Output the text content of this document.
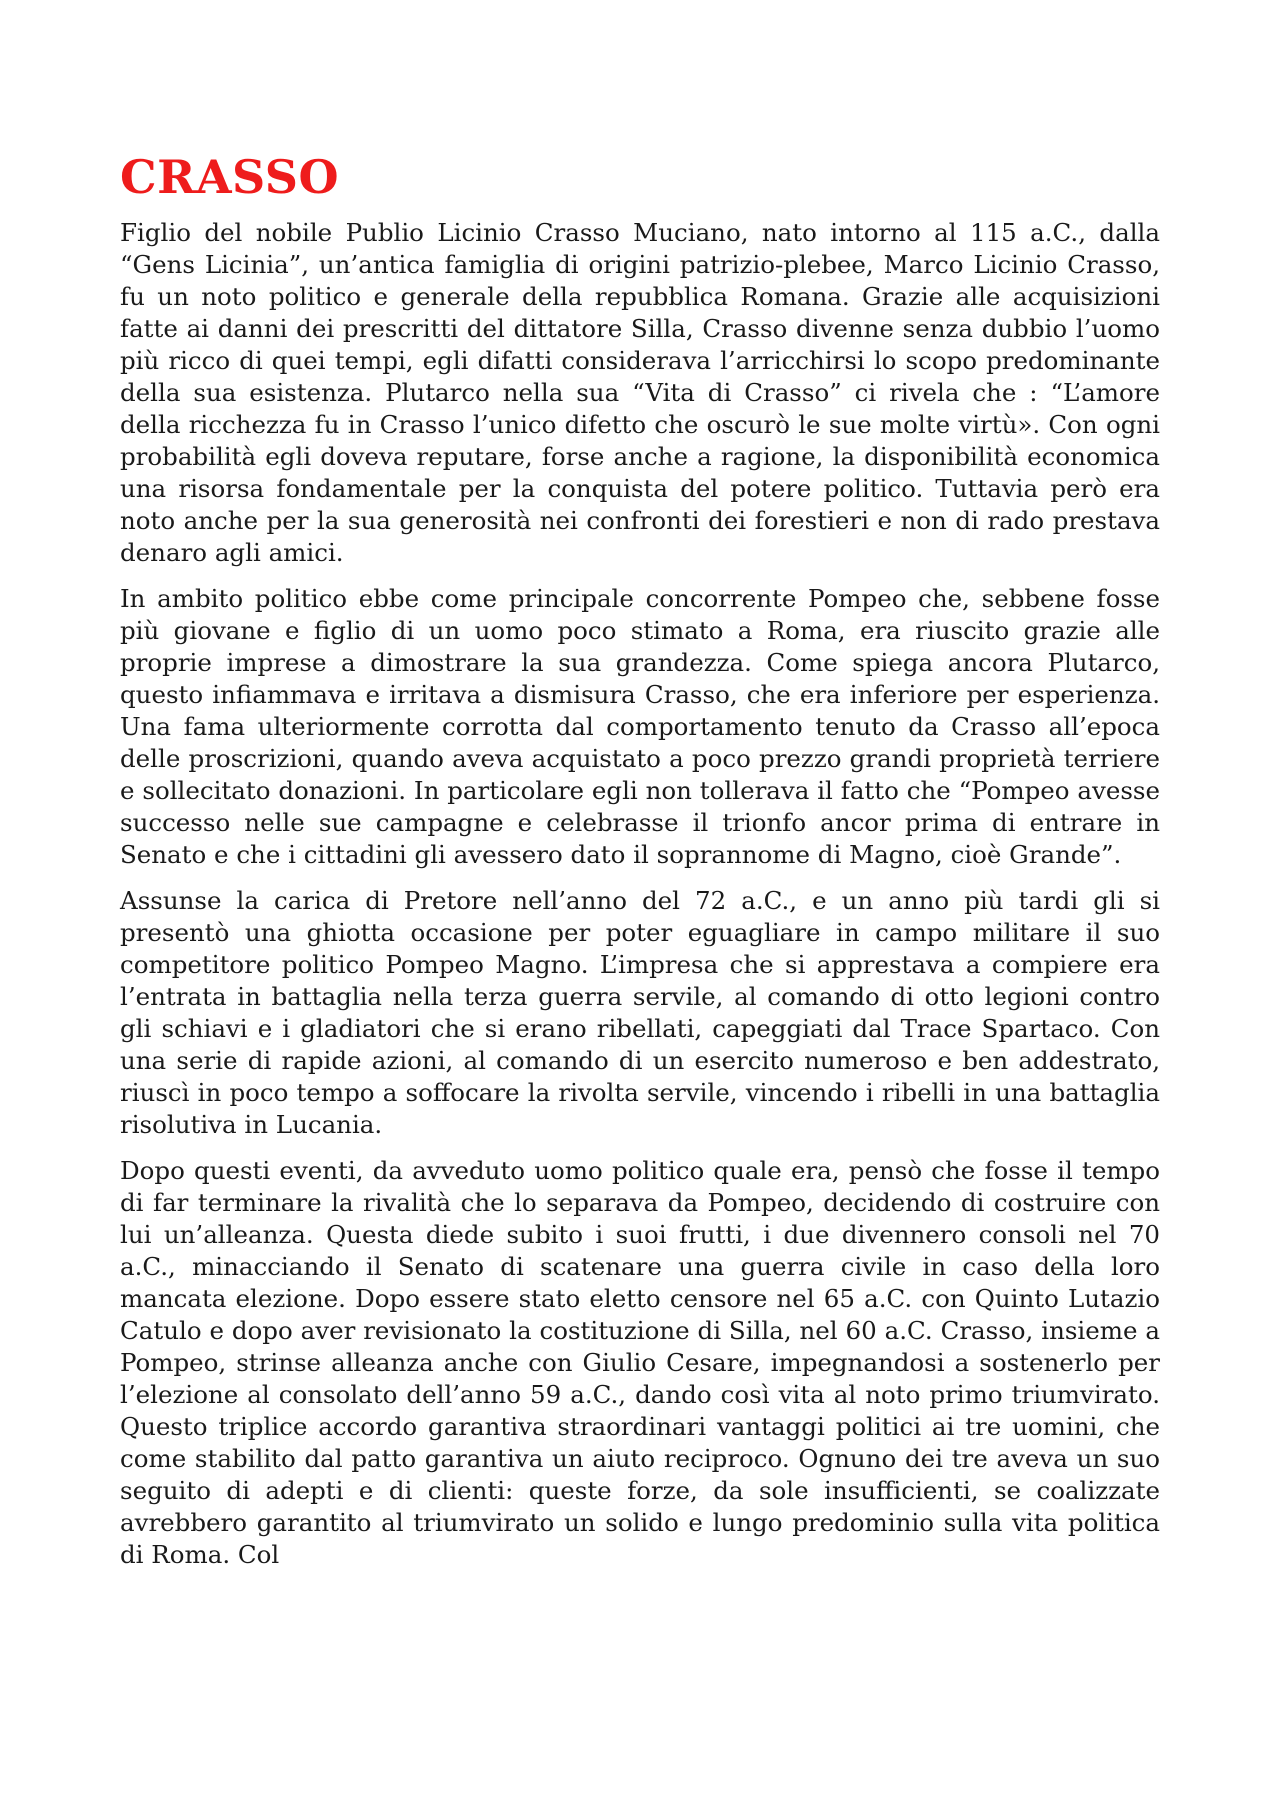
CRASSO

Figlio del nobile Publio Licinio Crasso Muciano, nato intorno al 115 a.C., dalla “Gens Licinia”, un’antica famiglia di origini patrizio-plebee, Marco Licinio Crasso, fu un noto politico e generale della repubblica Romana. Grazie alle acquisizioni fatte ai danni dei prescritti del dittatore Silla, Crasso divenne senza dubbio l’uomo più ricco di quei tempi, egli difatti considerava l’arricchirsi lo scopo predominante della sua esistenza. Plutarco nella sua “Vita di Crasso” ci rivela che : “L’amore della ricchezza fu in Crasso l’unico difetto che oscurò le sue molte virtù». Con ogni probabilità egli doveva reputare, forse anche a ragione, la disponibilità economica una risorsa fondamentale per la conquista del potere politico. Tuttavia però era noto anche per la sua generosità nei confronti dei forestieri e non di rado prestava denaro agli amici.

In ambito politico ebbe come principale concorrente Pompeo che, sebbene fosse più giovane e figlio di un uomo poco stimato a Roma, era riuscito grazie alle proprie imprese a dimostrare la sua grandezza. Come spiega ancora Plutarco, questo infiammava e irritava a dismisura Crasso, che era inferiore per esperienza. Una fama ulteriormente corrotta dal comportamento tenuto da Crasso all’epoca delle proscrizioni, quando aveva acquistato a poco prezzo grandi proprietà terriere e sollecitato donazioni. In particolare egli non tollerava il fatto che “Pompeo avesse successo nelle sue campagne e celebrasse il trionfo ancor prima di entrare in Senato e che i cittadini gli avessero dato il soprannome di Magno, cioè Grande”.

Assunse la carica di Pretore nell’anno del 72 a.C., e un anno più tardi gli si presentò una ghiotta occasione per poter eguagliare in campo militare il suo competitore politico Pompeo Magno. L’impresa che si apprestava a compiere era l’entrata in battaglia nella terza guerra servile, al comando di otto legioni contro gli schiavi e i gladiatori che si erano ribellati, capeggiati dal Trace Spartaco. Con una serie di rapide azioni, al comando di un esercito numeroso e ben addestrato, riuscì in poco tempo a soffocare la rivolta servile, vincendo i ribelli in una battaglia risolutiva in Lucania.

Dopo questi eventi, da avveduto uomo politico quale era, pensò che fosse il tempo di far terminare la rivalità che lo separava da Pompeo, decidendo di costruire con lui un’alleanza. Questa diede subito i suoi frutti, i due divennero consoli nel 70 a.C., minacciando il Senato di scatenare una guerra civile in caso della loro mancata elezione. Dopo essere stato eletto censore nel 65 a.C. con Quinto Lutazio Catulo e dopo aver revisionato la costituzione di Silla, nel 60 a.C. Crasso, insieme a Pompeo, strinse alleanza anche con Giulio Cesare, impegnandosi a sostenerlo per l’elezione al consolato dell’anno 59 a.C., dando così vita al noto primo triumvirato. Questo triplice accordo garantiva straordinari vantaggi politici ai tre uomini, che come stabilito dal patto garantiva un aiuto reciproco. Ognuno dei tre aveva un suo seguito di adepti e di clienti: queste forze, da sole insufficienti, se coalizzate avrebbero garantito al triumvirato un solido e lungo predominio sulla vita politica di Roma. Col
